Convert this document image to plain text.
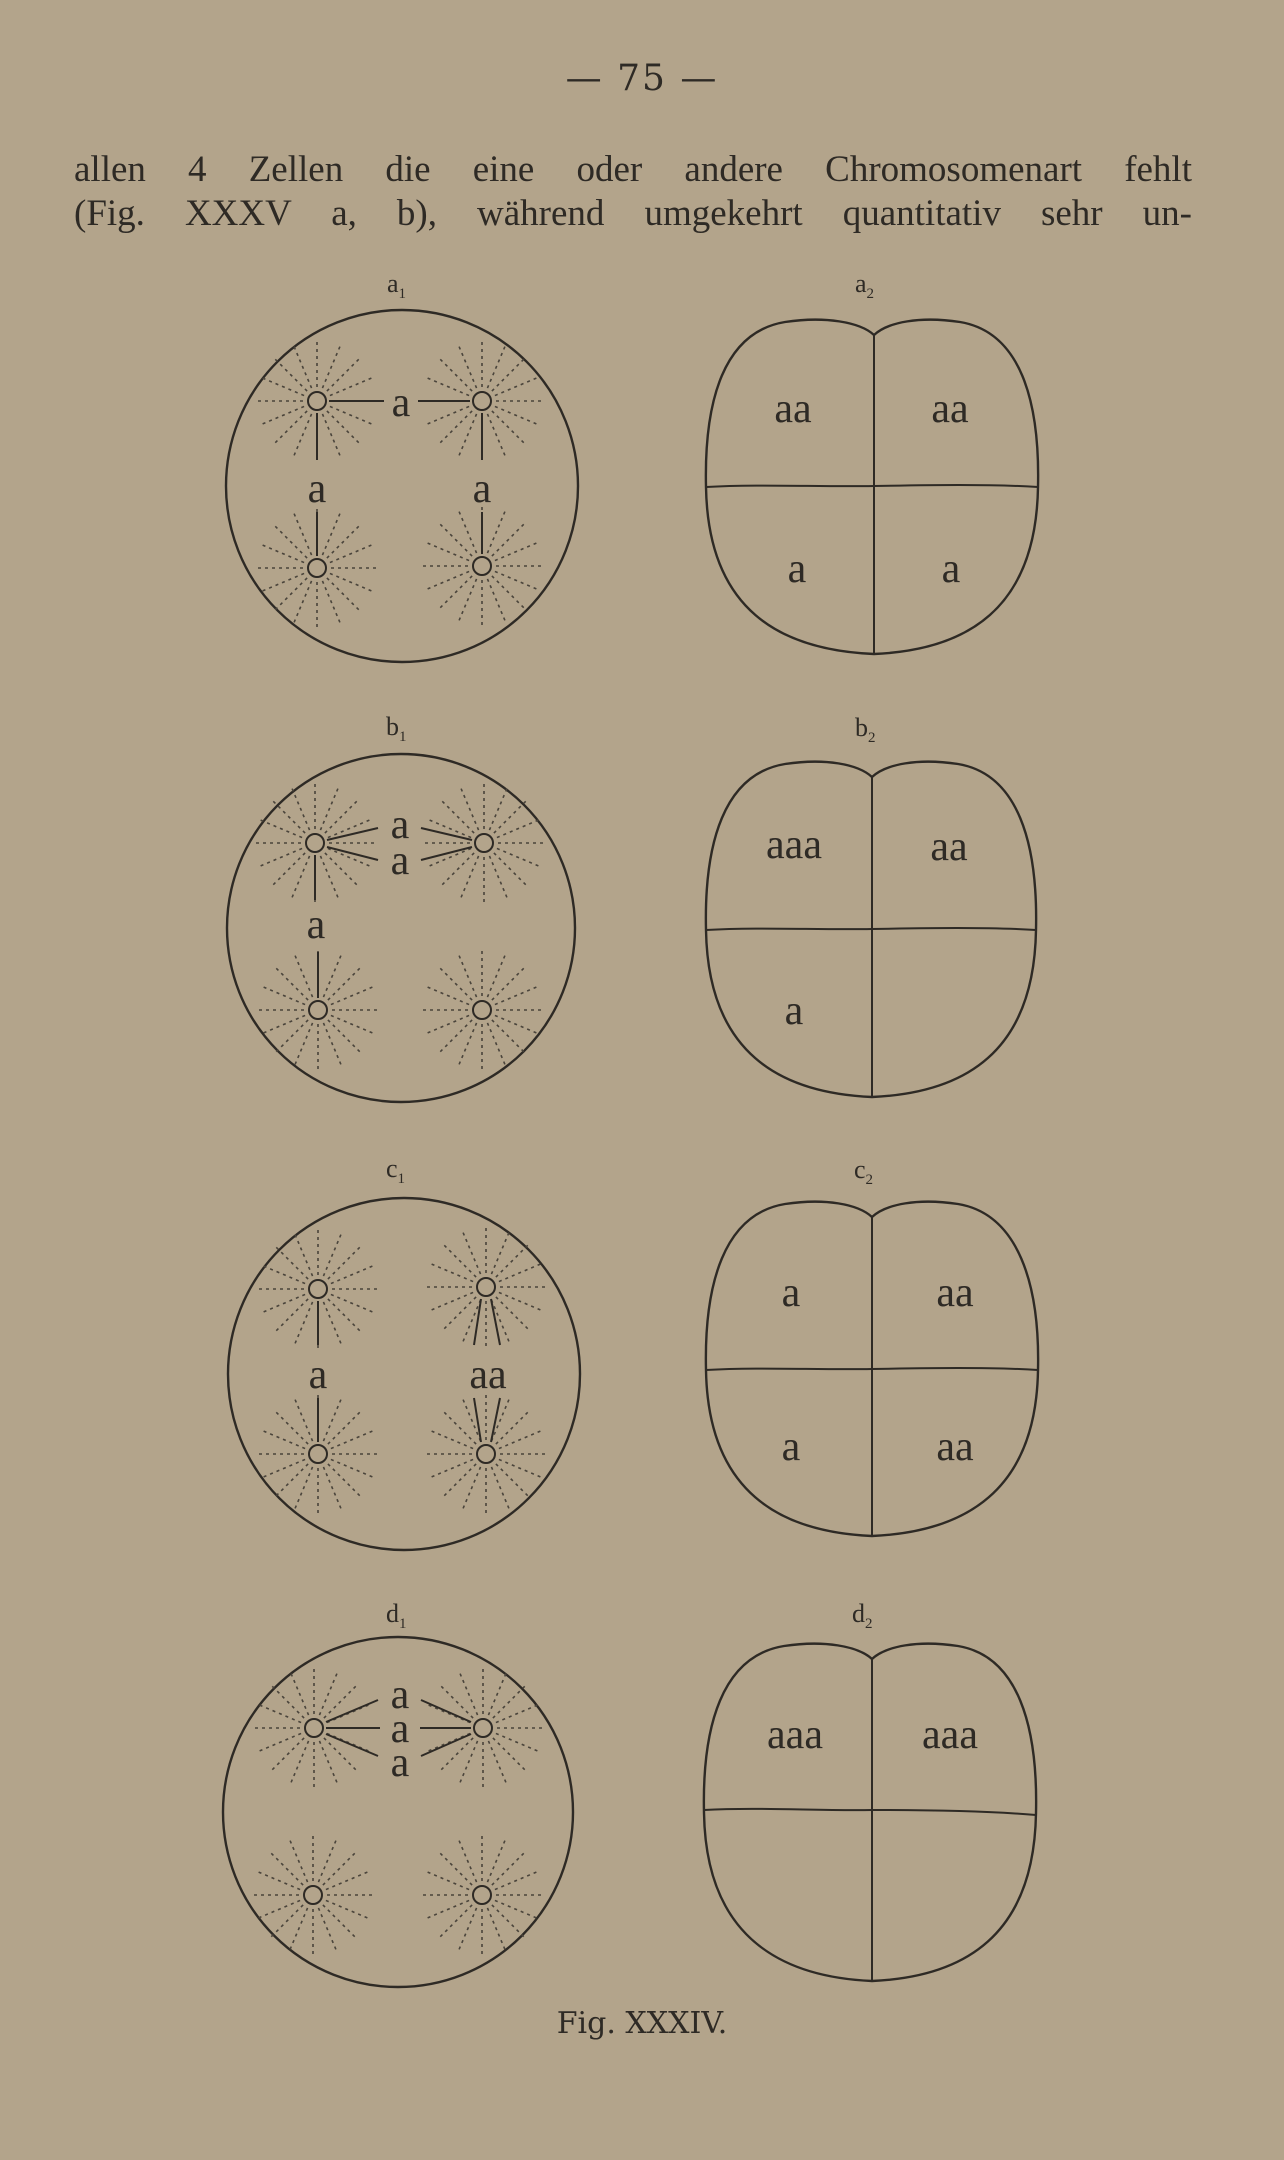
— 75 —
allen 4 Zellen die eine oder andere Chromosomenart fehlt
(Fig. XXXV a, b), während umgekehrt quantitativ sehr un-
$a_1$
a
a	a
$a_2$
aa	aa
a	a
$b_1$
a
a
a
$b_2$
aaa	aa
a
$c_1$
a	aa
$c_2$
a	aa
a	aa
$d_1$
a
a
a
$d_2$
aaa aaa
Fig. XXXIV.
